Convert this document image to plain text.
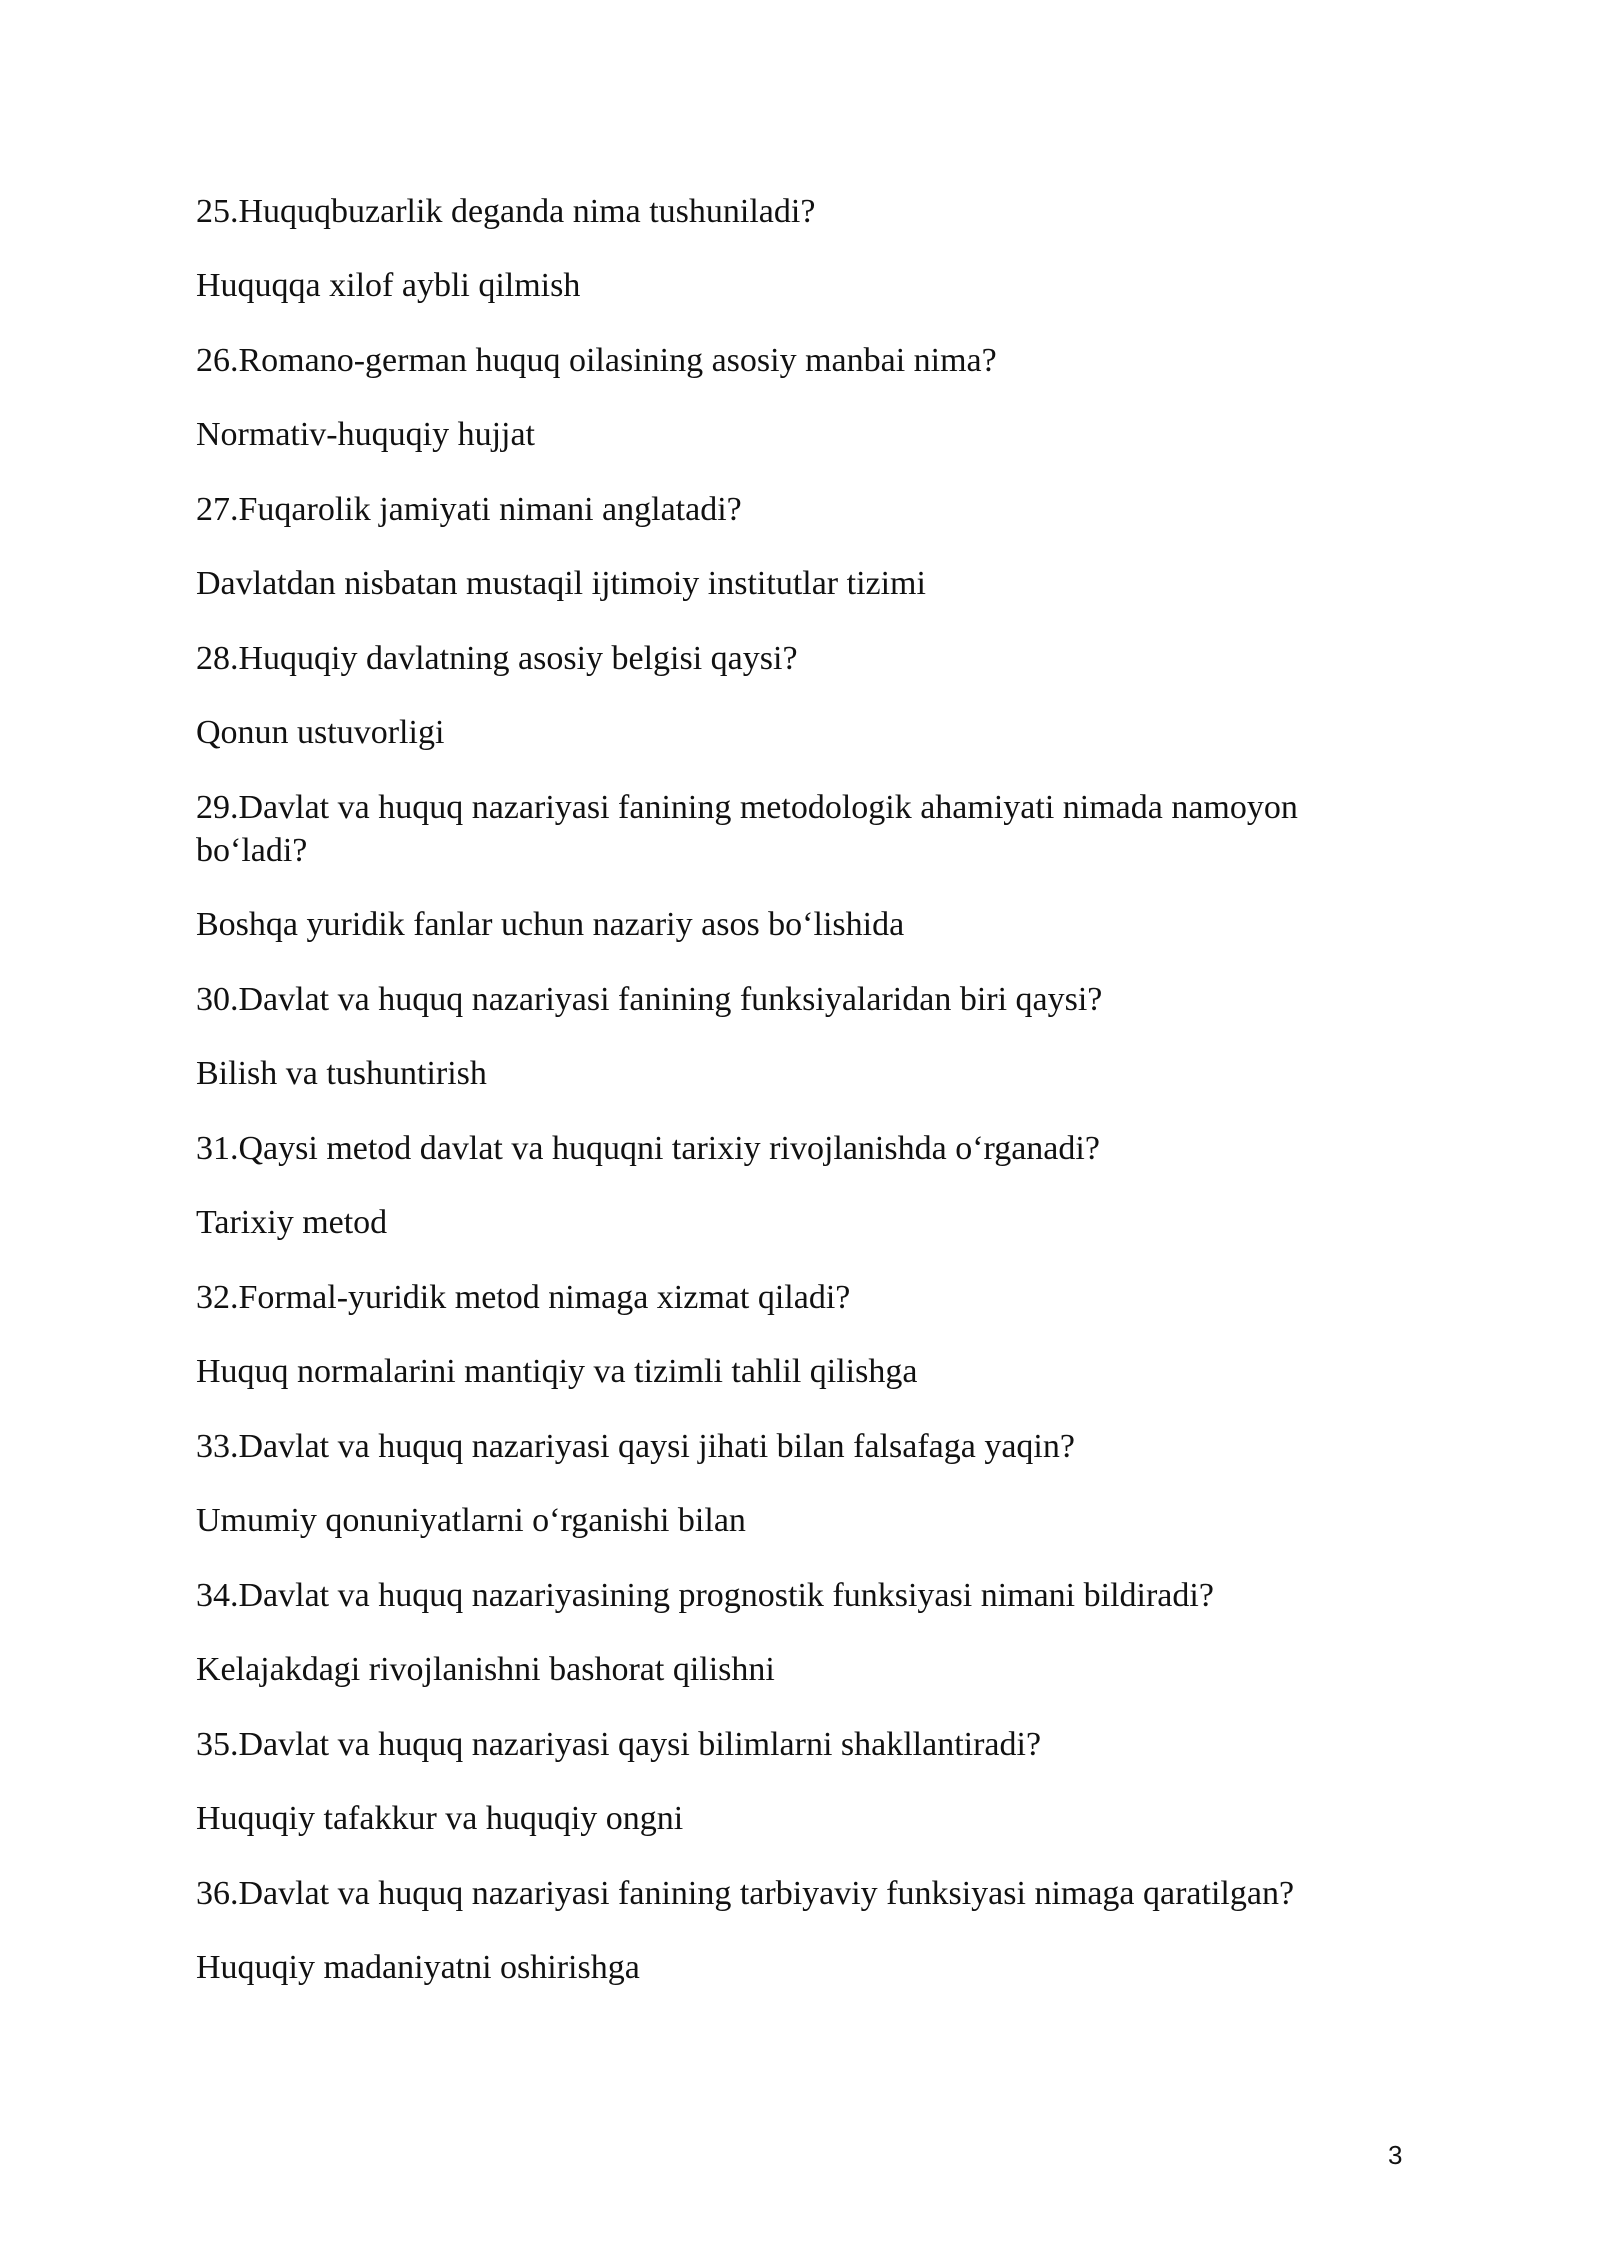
25.Huquqbuzarlik deganda nima tushuniladi?

Huquqqa xilof aybli qilmish

26.Romano-german huquq oilasining asosiy manbai nima?

Normativ-huquqiy hujjat

27.Fuqarolik jamiyati nimani anglatadi?

Davlatdan nisbatan mustaqil ijtimoiy institutlar tizimi

28.Huquqiy davlatning asosiy belgisi qaysi?

Qonun ustuvorligi

29.Davlat va huquq nazariyasi fanining metodologik ahamiyati nimada namoyon bo‘ladi?

Boshqa yuridik fanlar uchun nazariy asos bo‘lishida

30.Davlat va huquq nazariyasi fanining funksiyalaridan biri qaysi?

Bilish va tushuntirish

31.Qaysi metod davlat va huquqni tarixiy rivojlanishda o‘rganadi?

Tarixiy metod

32.Formal-yuridik metod nimaga xizmat qiladi?

Huquq normalarini mantiqiy va tizimli tahlil qilishga

33.Davlat va huquq nazariyasi qaysi jihati bilan falsafaga yaqin?

Umumiy qonuniyatlarni o‘rganishi bilan

34.Davlat va huquq nazariyasining prognostik funksiyasi nimani bildiradi?

Kelajakdagi rivojlanishni bashorat qilishni

35.Davlat va huquq nazariyasi qaysi bilimlarni shakllantiradi?

Huquqiy tafakkur va huquqiy ongni

36.Davlat va huquq nazariyasi fanining tarbiyaviy funksiyasi nimaga qaratilgan?

Huquqiy madaniyatni oshirishga

3
